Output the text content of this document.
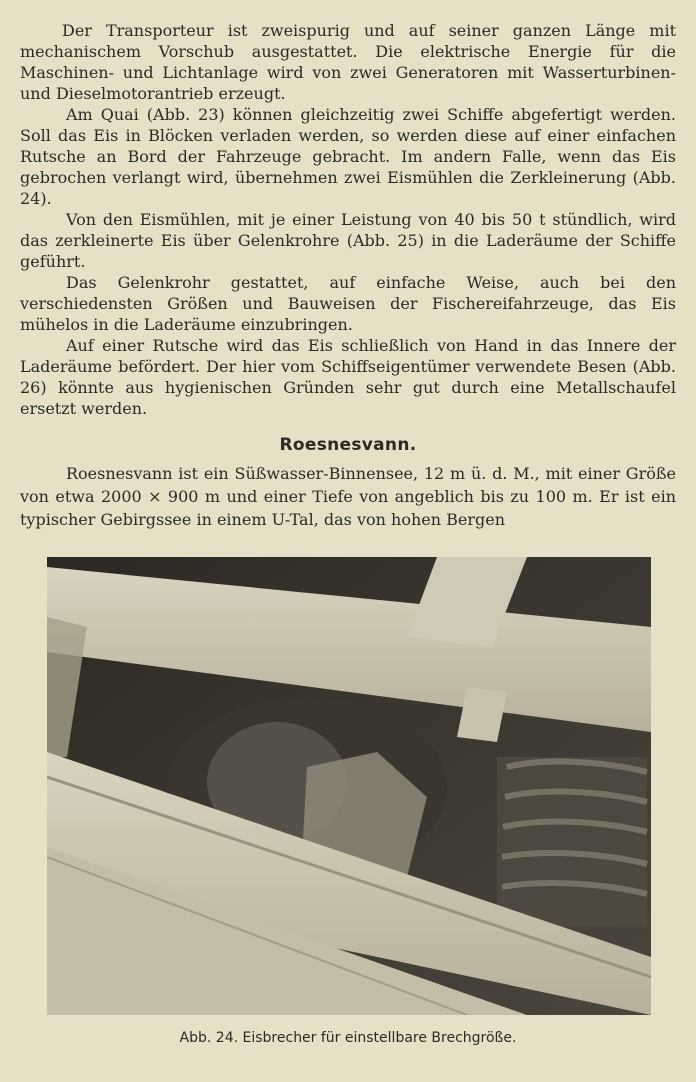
Der Transporteur ist zweispurig und auf seiner ganzen Länge mit mechanischem Vorschub ausgestattet. Die elektrische Energie für die Maschinen- und Lichtanlage wird von zwei Generatoren mit Wasserturbinen- und Dieselmotorantrieb erzeugt.

Am Quai (Abb. 23) können gleichzeitig zwei Schiffe abgefertigt werden. Soll das Eis in Blöcken verladen werden, so werden diese auf einer einfachen Rutsche an Bord der Fahrzeuge gebracht. Im andern Falle, wenn das Eis gebrochen verlangt wird, übernehmen zwei Eismühlen die Zerkleinerung (Abb. 24).

Von den Eismühlen, mit je einer Leistung von 40 bis 50 t stündlich, wird das zerkleinerte Eis über Gelenkrohre (Abb. 25) in die Laderäume der Schiffe geführt.

Das Gelenkrohr gestattet, auf einfache Weise, auch bei den verschiedensten Größen und Bauweisen der Fischereifahrzeuge, das Eis mühelos in die Laderäume einzubringen.

Auf einer Rutsche wird das Eis schließlich von Hand in das Innere der Laderäume befördert. Der hier vom Schiffseigentümer verwendete Besen (Abb. 26) könnte aus hygienischen Gründen sehr gut durch eine Metallschaufel ersetzt werden.

Roesnesvann.

Roesnesvann ist ein Süßwasser-Binnensee, 12 m ü. d. M., mit einer Größe von etwa 2000 × 900 m und einer Tiefe von angeblich bis zu 100 m. Er ist ein typischer Gebirgssee in einem U-Tal, das von hohen Bergen

Abb. 24. Eisbrecher für einstellbare Brechgröße.
